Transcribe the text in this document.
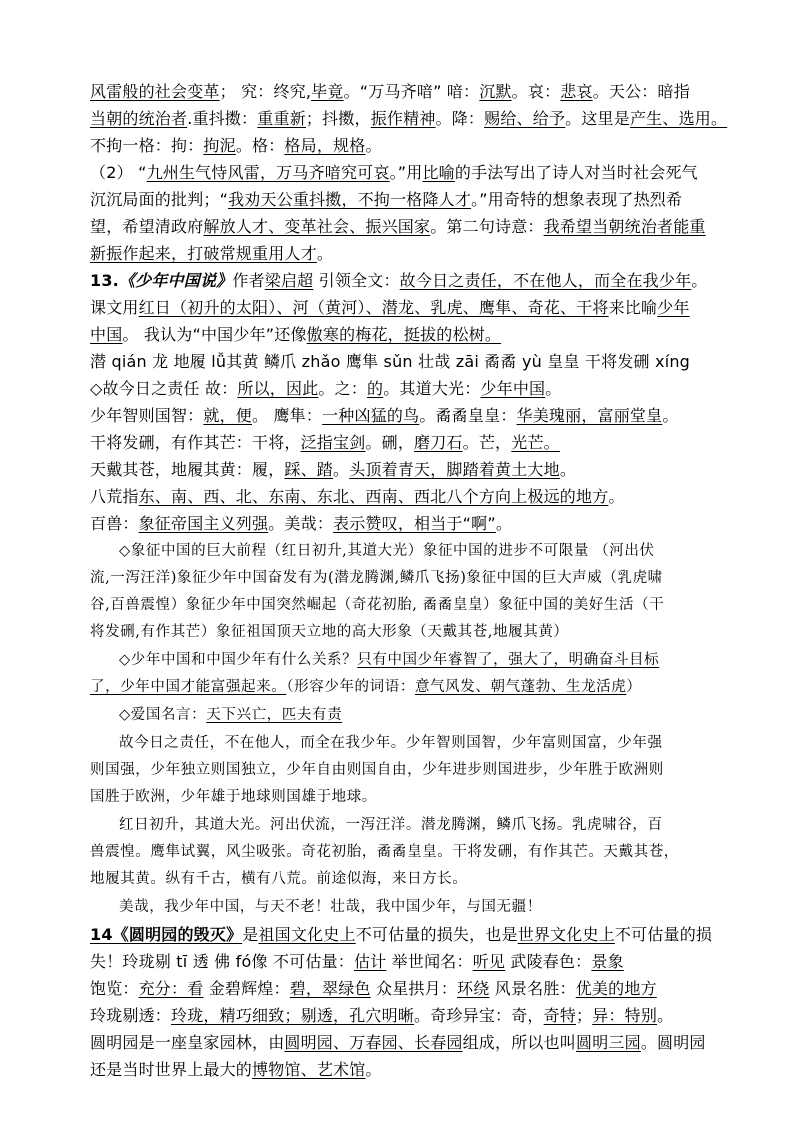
风雷般的社会变革； 究：终究,毕竟。“万马齐喑” 喑：沉默。哀：悲哀。天公：暗指
当朝的统治者.重抖擞：重重新；抖擞，振作精神。降：赐给、给予。这里是产生、选用。
不拘一格：拘：拘泥。格：格局，规格。
（2） “九州生气恃风雷，万马齐喑究可哀。”用比喻的手法写出了诗人对当时社会死气
沉沉局面的批判；“我劝天公重抖擞，不拘一格降人才。”用奇特的想象表现了热烈希
望，希望清政府解放人才、变革社会、振兴国家。第二句诗意：我希望当朝统治者能重
新振作起来，打破常规重用人才。
13.《少年中国说》作者梁启超 引领全文：故今日之责任，不在他人，而全在我少年。
课文用红日（初升的太阳）、河（黄河）、潜龙、乳虎、鹰隼、奇花、干将来比喻少年
中国。 我认为“中国少年”还像傲寒的梅花，挺拔的松树。
潜 qián 龙 地履 lǚ其黄 鳞爪 zhǎo 鹰隼 sǔn 壮哉 zāi 矞矞 yù 皇皇 干将发硎 xíng
◇故今日之责任 故：所以，因此。之：的。其道大光：少年中国。
少年智则国智：就，便。 鹰隼：一种凶猛的鸟。矞矞皇皇：华美瑰丽，富丽堂皇。
干将发硎，有作其芒：干将，泛指宝剑。硎，磨刀石。芒，光芒。
天戴其苍，地履其黄：履，踩、踏。头顶着青天，脚踏着黄土大地。
八荒指东、南、西、北、东南、东北、西南、西北八个方向上极远的地方。
百兽：象征帝国主义列强。美哉：表示赞叹，相当于“啊”。
◇象征中国的巨大前程（红日初升,其道大光）象征中国的进步不可限量 （河出伏
流,一泻汪洋)象征少年中国奋发有为(潜龙腾渊,鳞爪飞扬)象征中国的巨大声威（乳虎啸
谷,百兽震惶）象征少年中国突然崛起（奇花初胎, 矞矞皇皇）象征中国的美好生活（干
将发硎,有作其芒）象征祖国顶天立地的高大形象（天戴其苍,地履其黄）
◇少年中国和中国少年有什么关系？只有中国少年睿智了，强大了，明确奋斗目标
了，少年中国才能富强起来。（形容少年的词语：意气风发、朝气蓬勃、生龙活虎）
◇爱国名言：天下兴亡，匹夫有责
故今日之责任，不在他人，而全在我少年。少年智则国智，少年富则国富，少年强
则国强，少年独立则国独立，少年自由则国自由，少年进步则国进步，少年胜于欧洲则
国胜于欧洲，少年雄于地球则国雄于地球。
红日初升，其道大光。河出伏流，一泻汪洋。潜龙腾渊，鳞爪飞扬。乳虎啸谷，百
兽震惶。鹰隼试翼，风尘吸张。奇花初胎，矞矞皇皇。干将发硎，有作其芒。天戴其苍，
地履其黄。纵有千古，横有八荒。前途似海，来日方长。
美哉，我少年中国，与天不老！壮哉，我中国少年，与国无疆！
14《圆明园的毁灭》是祖国文化史上不可估量的损失，也是世界文化史上不可估量的损
失！玲珑剔 tī 透 佛 fó像 不可估量：估计 举世闻名：听见 武陵春色：景象
饱览：充分：看 金碧辉煌：碧，翠绿色 众星拱月：环绕 风景名胜：优美的地方
玲珑剔透：玲珑，精巧细致；剔透，孔穴明晰。奇珍异宝：奇，奇特；异：特别。
圆明园是一座皇家园林，由圆明园、万春园、长春园组成，所以也叫圆明三园。圆明园
还是当时世界上最大的博物馆、艺术馆。
